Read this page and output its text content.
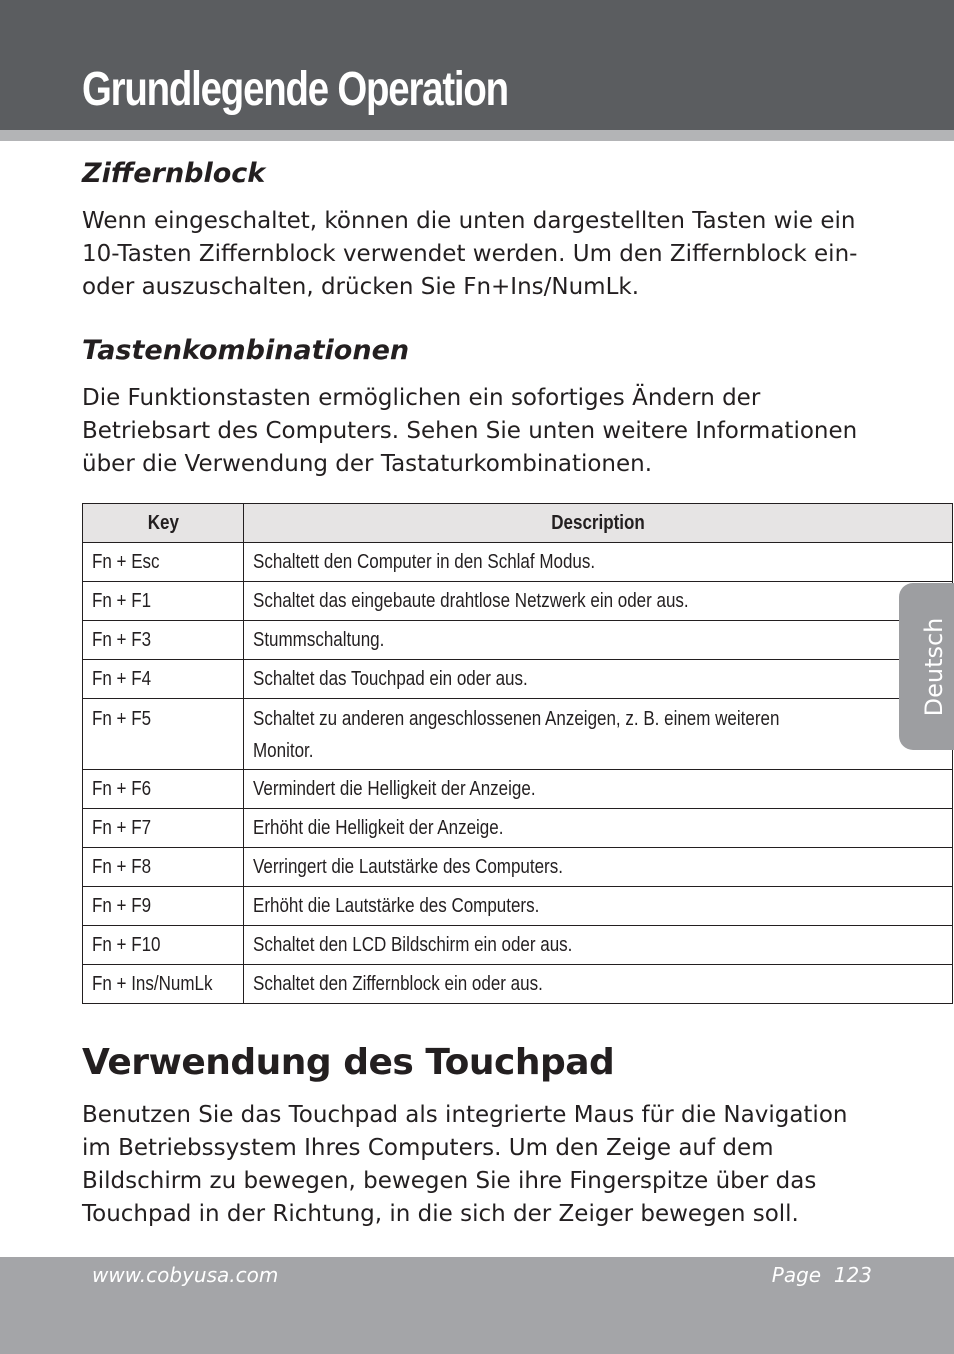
Grundlegende Operation
Ziffernblock

Wenn eingeschaltet, können die unten dargestellten Tasten wie ein 10-Tasten Ziffernblock verwendet werden. Um den Ziffernblock ein- oder auszuschalten, drücken Sie Fn+Ins/NumLk.

Tastenkombinationen

Die Funktionstasten ermöglichen ein sofortiges Ändern der Betriebsart des Computers. Sehen Sie unten weitere Informationen über die Verwendung der Tastaturkombinationen.

Key	Description
Fn + Esc	Schaltett den Computer in den Schlaf Modus.
Fn + F1	Schaltet das eingebaute drahtlose Netzwerk ein oder aus.
Fn + F3	Stummschaltung.
Fn + F4	Schaltet das Touchpad ein oder aus.
Fn + F5	Schaltet zu anderen angeschlossenen Anzeigen, z. B. einem weiteren Monitor.
Fn + F6	Vermindert die Helligkeit der Anzeige.
Fn + F7	Erhöht die Helligkeit der Anzeige.
Fn + F8	Verringert die Lautstärke des Computers.
Fn + F9	Erhöht die Lautstärke des Computers.
Fn + F10	Schaltet den LCD Bildschirm ein oder aus.
Fn + Ins/NumLk	Schaltet den Ziffernblock ein oder aus.
Verwendung des Touchpad

Benutzen Sie das Touchpad als integrierte Maus für die Navigation im Betriebssystem Ihres Computers. Um den Zeige auf dem Bildschirm zu bewegen, bewegen Sie ihre Fingerspitze über das Touchpad in der Richtung, in die sich der Zeiger bewegen soll.

Deutsch
www.cobyusa.com	Page  123
